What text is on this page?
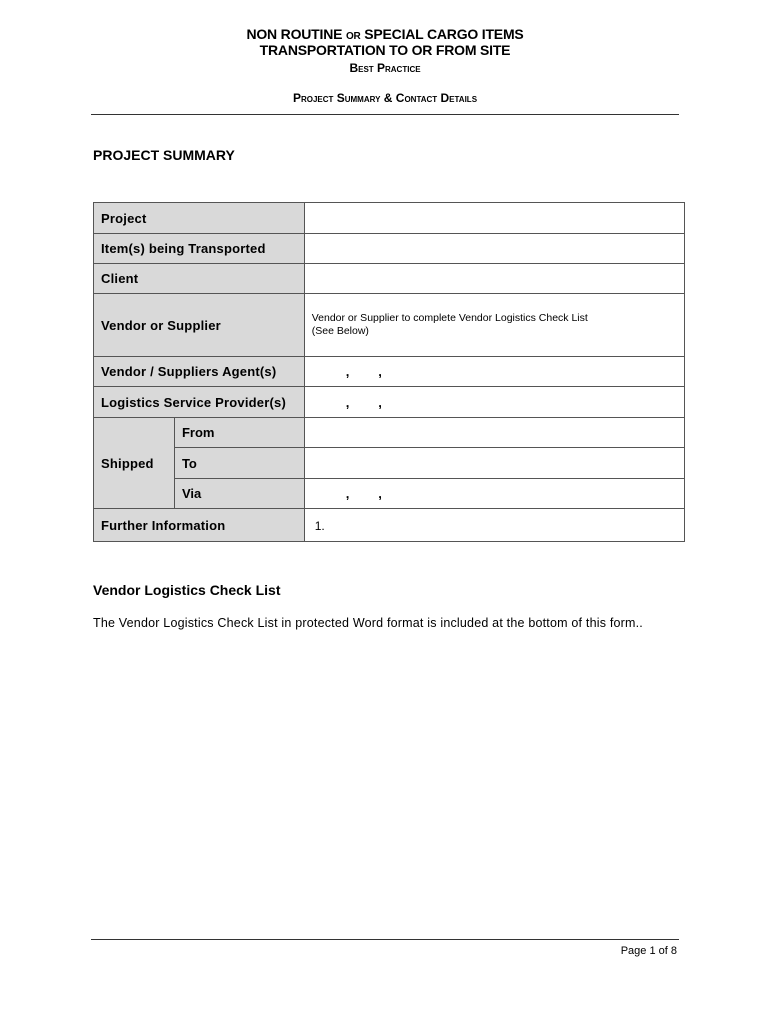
NON ROUTINE or SPECIAL CARGO ITEMS
TRANSPORTATION TO OR FROM SITE
Best Practice
Project Summary & Contact Details
PROJECT SUMMARY
Project		
Item(s) being Transported		
Client		
Vendor or Supplier		Vendor or Supplier to complete Vendor Logistics Check List
(See Below)

Vendor / Suppliers Agent(s)		,        ,
Logistics Service Provider(s)		,        ,
Shipped	From	
	To	
	Via	,        ,
Further Information		1.
Vendor Logistics Check List
The Vendor Logistics Check List in protected Word format is included at the bottom of this form..
Page 1 of 8
